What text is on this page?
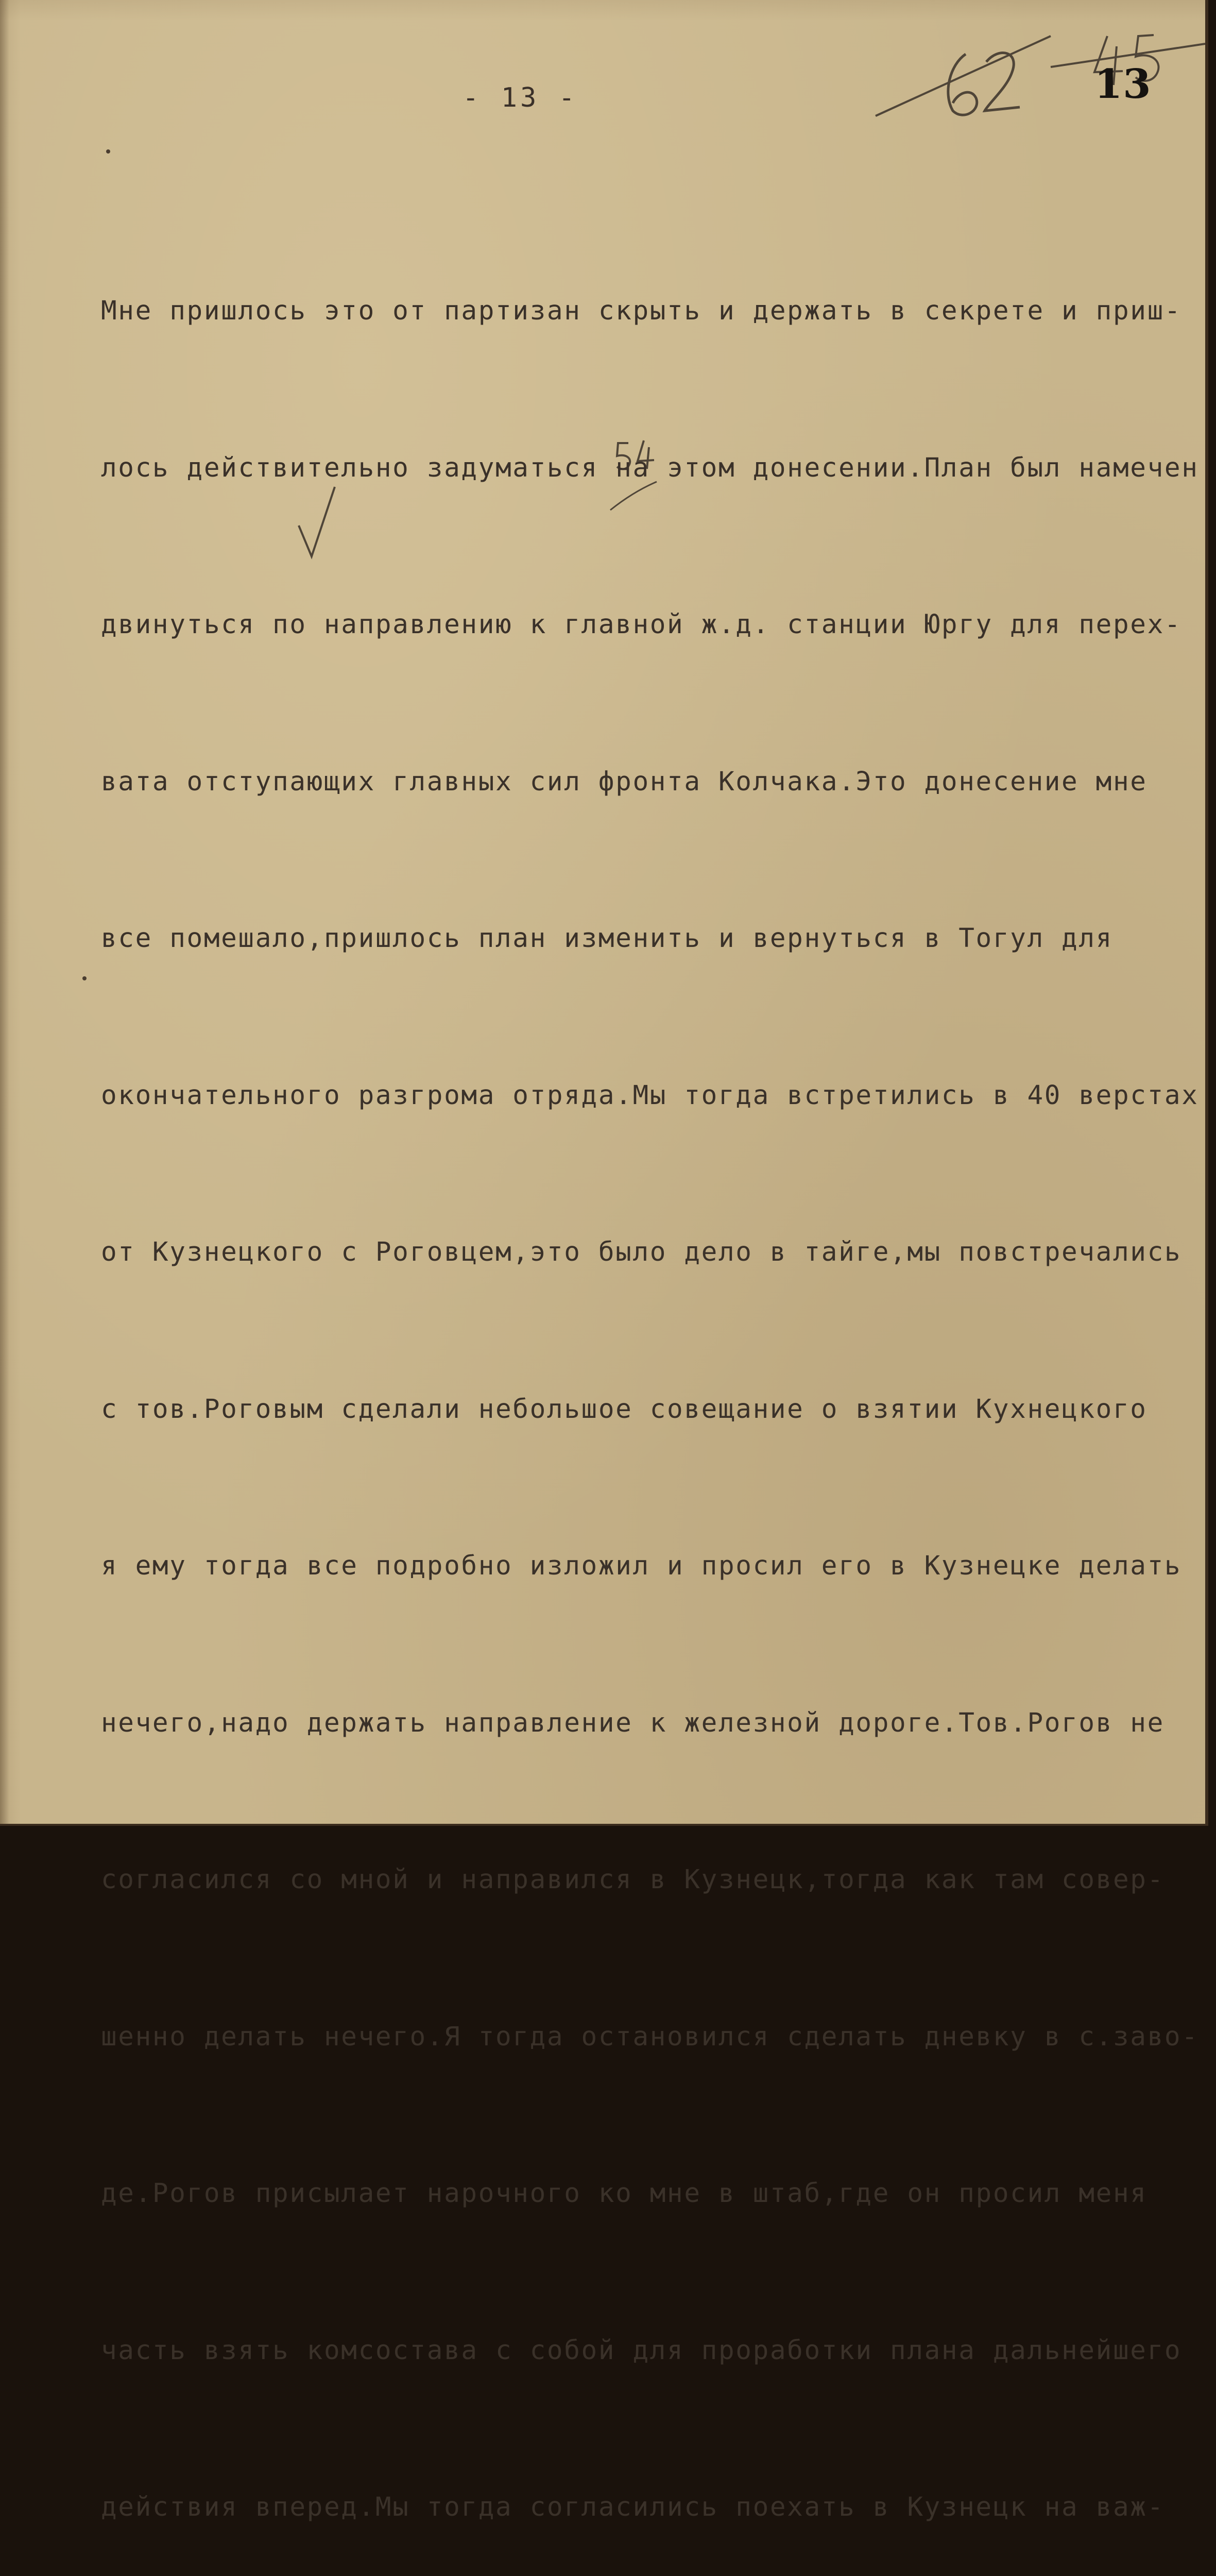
- 13 -	13

Мне пришлось это от партизан скрыть и держать в секрете и приш-

лось действительно задуматься на этом донесении.План был намечен

двинуться по направлению к главной ж.д. станции Юргу для перех-

вата отступающих главных сил фронта Колчака.Это донесение мне

все помешало,пришлось план изменить и вернуться в Тогул для

окончательного разгрома отряда.Мы тогда встретились в 40 верстах

от Кузнецкого с Роговцем,это было дело в тайге,мы повстречались

с тов.Роговым сделали небольшое совещание о взятии Кухнецкого

я ему тогда все подробно изложил и просил его в Кузнецке делать

нечего,надо держать направление к железной дороге.Тов.Рогов не

согласился со мной и направился в Кузнецк,тогда как там совер-

шенно делать нечего.Я тогда остановился сделать дневку в с.заво-

де.Рогов присылает нарочного ко мне в штаб,где он просил меня

часть взять комсостава с собой для проработки плана дальнейшего

действия вперед.Мы тогда согласились поехать в Кузнецк на важ-
